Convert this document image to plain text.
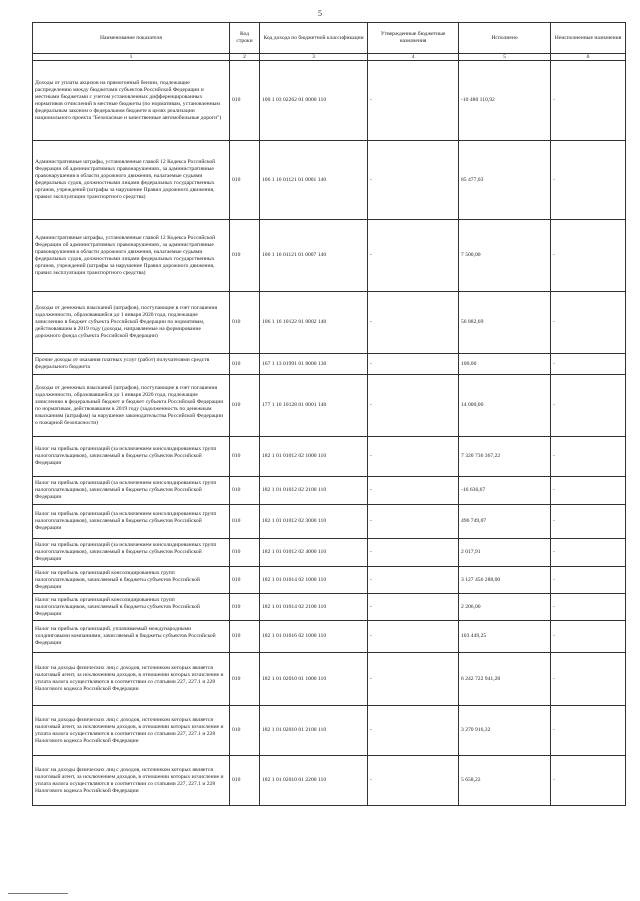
5
Наименование показателя	Код строки	Код дохода по бюджетной классификации	Утвержденные бюджетные назначения	Исполнено	Неисполненные назначения
1	2	3	4	5	6
Доходы от уплаты акцизов на прямогонный бензин, подлежащие распределению между бюджетами субъектов Российской Федерации и местными бюджетами с учетом установленных дифференцированных нормативов отчислений в местные бюджеты (по нормативам, установленным федеральным законом о федеральном бюджете в целях реализации национального проекта "Безопасные и качественные автомобильные дороги")	010	100 1 03 02262 01 0000 110	-	-10 480 110,92	-
Административные штрафы, установленные главой 12 Кодекса Российской Федерации об административных правонарушениях, за административные правонарушения в области дорожного движения, налагаемые судьями федеральных судов, должностными лицами федеральных государственных органов, учреждений (штрафы за нарушение Правил дорожного движения, правил эксплуатации транспортного средства)	010	106 1 16 01121 01 0001 140	-	85 477,03	-
Административные штрафы, установленные главой 12 Кодекса Российской Федерации об административных правонарушениях, за административные правонарушения в области дорожного движения, налагаемые судьями федеральных судов, должностными лицами федеральных государственных органов, учреждений (штрафы за нарушение Правил дорожного движения, правил эксплуатации транспортного средства)	010	106 1 16 01121 01 0007 140	-	7 500,00	-
Доходы от денежных взысканий (штрафов), поступающие в счет погашения задолженности, образовавшейся до 1 января 2020 года, подлежащие зачислению в бюджет субъекта Российской Федерации по нормативам, действовавшим в 2019 году (доходы, направляемые на формирование дорожного фонда субъекта Российской Федерации)	010	106 1 16 10122 01 0002 140	-	56 882,69	-
Прочие доходы от оказания платных услуг (работ) получателями средств федерального бюджета	010	167 1 13 01991 01 8000 130	-	100,00	-
Доходы от денежных взысканий (штрафов), поступающие в счет погашения задолженности, образовавшейся до 1 января 2020 года, подлежащие зачислению в федеральный бюджет и бюджет субъекта Российской Федерации по нормативам, действовавшим в 2019 году (задолженность по денежным взысканиям (штрафам) за нарушение законодательства Российской Федерации о пожарной безопасности)	010	177 1 16 10128 01 0001 140	-	14 000,00	-
Налог на прибыль организаций (за исключением консолидированных групп налогоплательщиков), зачисляемый в бюджеты субъектов Российской Федерации	010	182 1 01 01012 02 1000 110	-	7 320 736 367,22	-
Налог на прибыль организаций (за исключением консолидированных групп налогоплательщиков), зачисляемый в бюджеты субъектов Российской Федерации	010	182 1 01 01012 02 2100 110	-	-16 636,67	-
Налог на прибыль организаций (за исключением консолидированных групп налогоплательщиков), зачисляемый в бюджеты субъектов Российской Федерации	010	182 1 01 01012 02 3000 110	-	496 749,07	-
Налог на прибыль организаций (за исключением консолидированных групп налогоплательщиков), зачисляемый в бюджеты субъектов Российской Федерации	010	182 1 01 01012 02 4000 110	-	2 017,91	-
Налог на прибыль организаций консолидированных групп налогоплательщиков, зачисляемый в бюджеты субъектов Российской Федерации	010	182 1 01 01014 02 1000 110	-	3 127 456 288,00	-
Налог на прибыль организаций консолидированных групп налогоплательщиков, зачисляемый в бюджеты субъектов Российской Федерации	010	182 1 01 01014 02 2100 110	-	2 206,00	-
Налог на прибыль организаций, уплачиваемый международными холдинговыми компаниями, зачисляемый в бюджеты субъектов Российской Федерации	010	182 1 01 01016 02 1000 110	-	103 449,25	-
Налог на доходы физических лиц с доходов, источником которых является налоговый агент, за исключением доходов, в отношении которых исчисление и уплата налога осуществляются в соответствии со статьями 227, 227.1 и 228 Налогового кодекса Российской Федерации	010	182 1 01 02010 01 1000 110	-	6 242 722 941,28	-
Налог на доходы физических лиц с доходов, источником которых является налоговый агент, за исключением доходов, в отношении которых исчисление и уплата налога осуществляются в соответствии со статьями 227, 227.1 и 228 Налогового кодекса Российской Федерации	010	182 1 01 02010 01 2100 110	-	3 270 916,32	-
Налог на доходы физических лиц с доходов, источником которых является налоговый агент, за исключением доходов, в отношении которых исчисление и уплата налога осуществляются в соответствии со статьями 227, 227.1 и 228 Налогового кодекса Российской Федерации	010	182 1 01 02010 01 2200 110	-	5 658,22	-
